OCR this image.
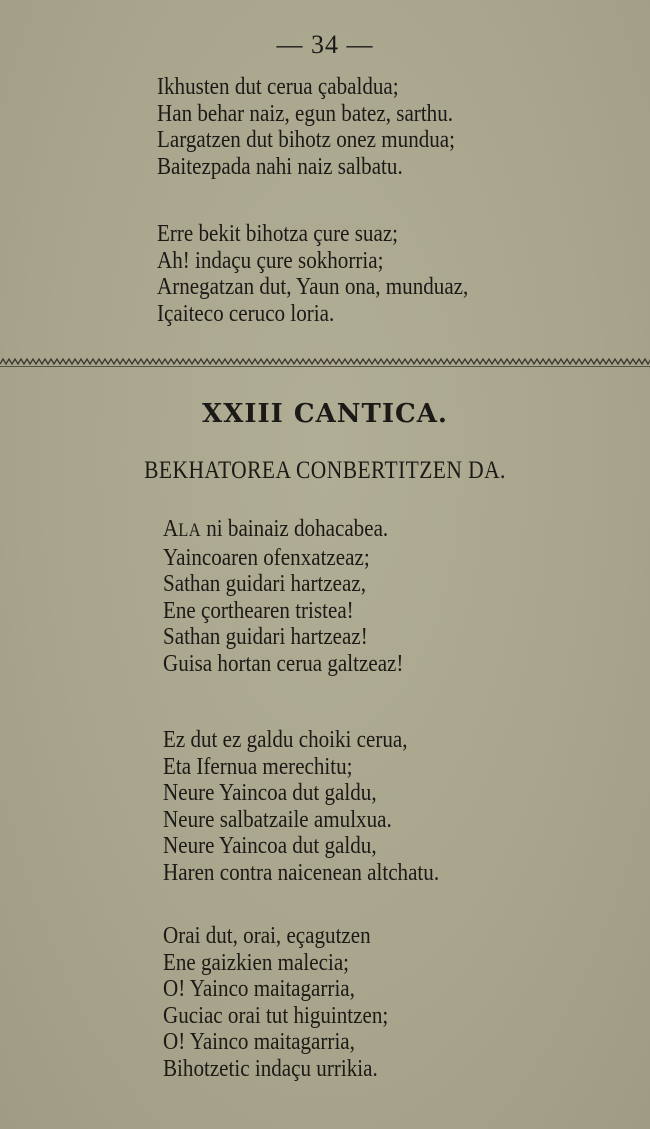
— 34 —
Ikhusten dut cerua çabaldua;
Han behar naiz, egun batez, sarthu.
Largatzen dut bihotz onez mundua;
Baitezpada nahi naiz salbatu.
Erre bekit bihotza çure suaz;
Ah! indaçu çure sokhorria;
Arnegatzan dut, Yaun ona, munduaz,
Içaiteco ceruco loria.
XXIII CANTICA.
BEKHATOREA CONBERTITZEN DA.
ALA ni bainaiz dohacabea.
Yaincoaren ofenxatzeaz;
Sathan guidari hartzeaz,
Ene çorthearen tristea!
Sathan guidari hartzeaz!
Guisa hortan cerua galtzeaz!
Ez dut ez galdu choiki cerua,
Eta Ifernua merechitu;
Neure Yaincoa dut galdu,
Neure salbatzaile amulxua.
Neure Yaincoa dut galdu,
Haren contra naicenean altchatu.
Orai dut, orai, eçagutzen
Ene gaizkien malecia;
O! Yainco maitagarria,
Guciac orai tut higuintzen;
O! Yainco maitagarria,
Bihotzetic indaçu urrikia.
